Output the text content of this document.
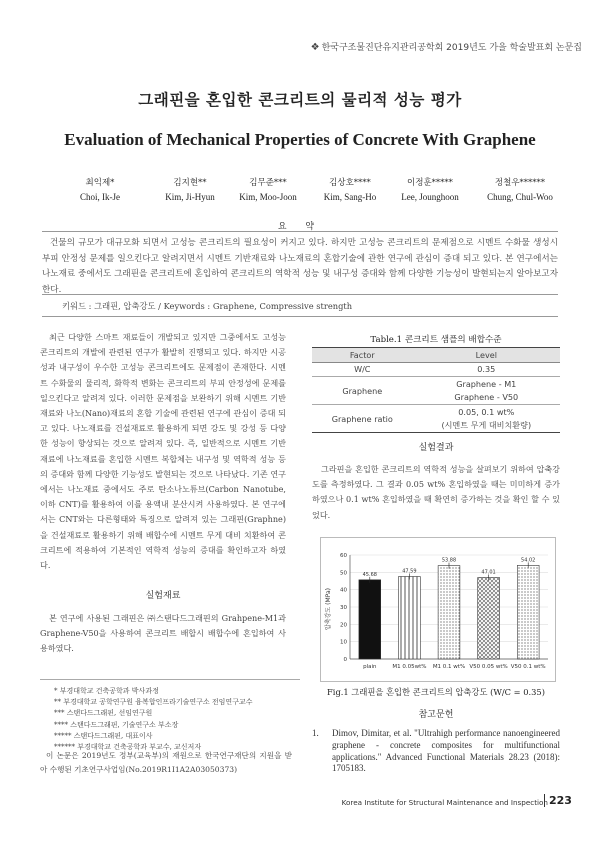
❖ 한국구조물진단유지관리공학회 2019년도 가을 학술발표회 논문집
그래핀을 혼입한 콘크리트의 물리적 성능 평가
Evaluation of Mechanical Properties of Concrete With Graphene
최익제*
Choi, Ik-Je
김지현**
Kim, Ji-Hyun
김무준***
Kim, Moo-Joon
김상호****
Kim, Sang-Ho
이정훈*****
Lee, Jounghoon
정철우******
Chung, Chul-Woo
요 약
건물의 규모가 대규모화 되면서 고성능 콘크리트의 필요성이 커지고 있다. 하지만 고성능 콘크리트의 문제점으로 시멘트 수화물 생성시 부피 안정성 문제를 일으킨다고 알려지면서 시멘트 기반재료와 나노재료의 혼합기술에 관한 연구에 관심이 증대 되고 있다. 본 연구에서는 나노재료 중에서도 그래핀을 콘크리트에 혼입하여 콘크리트의 역학적 성능 및 내구성 증대와 함께 다양한 기능성이 발현되는지 알아보고자 한다.
키워드 : 그래핀, 압축강도 / Keywords : Graphene, Compressive strength
최근 다양한 스마트 재료들이 개발되고 있지만 그중에서도 고성능 콘크리트의 개발에 관련된 연구가 활발히 진행되고 있다. 하지만 시공성과 내구성이 우수한 고성능 콘크리트에도 문제점이 존재한다. 시멘트 수화물의 물리적, 화학적 변화는 콘크리트의 부피 안정성에 문제를 일으킨다고 알려져 있다. 이러한 문제점을 보완하기 위해 시멘트 기반재료와 나노(Nano)재료의 혼합 기술에 관련된 연구에 관심이 증대 되고 있다. 나노재료를 건설재료로 활용하게 되면 강도 및 강성 등 다양한 성능이 향상되는 것으로 알려져 있다. 즉, 일반적으로 시멘트 기반재료에 나노재료를 혼입한 시멘트 복합체는 내구성 및 역학적 성능 등의 증대와 함께 다양한 기능성도 발현되는 것으로 나타났다. 기존 연구에서는 나노재료 중에서도 주로 탄소나노튜브(Carbon Nanotube, 이하 CNT)를 활용하여 이를 용액내 분산시켜 사용하였다. 본 연구에서는 CNT와는 다른형태와 특징으로 알려져 있는 그래핀(Graphne)을 건설재료로 활용하기 위해 배합수에 시멘트 무게 대비 치환하여 콘크리트에 적용하여 기본적인 역학적 성능의 증대를 확인하고자 하였다.
실험재료
본 연구에 사용된 그래핀은 ㈜스탠다드그래핀의 Grahpene-M1과 Graphene-V50을 사용하여 콘크리트 배합시 배합수에 혼입하여 사용하였다.
* 부경대학교 건축공학과 박사과정
** 부경대학교 공학연구원 융복합인프라기술연구소 전임연구교수
*** 스탠다드그래핀, 선임연구원
**** 스탠다드그래핀, 기술연구소 부소장
***** 스탠다드그래핀, 대표이사
****** 부경대학교 건축공학과 부교수, 교신저자
이 논문은 2019년도 정부(교육부)의 재원으로 한국연구재단의 지원을 받아 수행된 기초연구사업임(No.2019R1I1A2A03050373)
Table.1 콘크리트 샘플의 배합수준
Factor	Level
W/C	0.35
Graphene	Graphene - M1
	Graphene - V50
Graphene ratio	0.05, 0.1 wt%
	(시멘트 무게 대비치환량)
실험결과
그라핀을 혼입한 콘크리트의 역학적 성능을 살펴보기 위하여 압축강도를 측정하였다. 그 결과 0.05 wt% 혼입하였을 때는 미미하게 증가하였으나 0.1 wt% 혼입하였을 때 확연히 증가하는 것을 확인 할 수 있었다.
0
10
20
30
40
50
60
45.68
plain
47.59
M1 0.05wt%
53.88
M1 0.1 wt%
47.01
V50 0.05 wt%
54.02
V50 0.1 wt%
압축강도 (MPa)
Fig.1 그래핀을 혼입한 콘크리트의 압축강도 (W/C = 0.35)
참고문헌
1. Dimov, Dimitar, et al. "Ultrahigh performance nanoengineered graphene - concrete composites for multifunctional applications." Advanced Functional Materials 28.23 (2018): 1705183.
Korea Institute for Structural Maintenance and Inspection 223
